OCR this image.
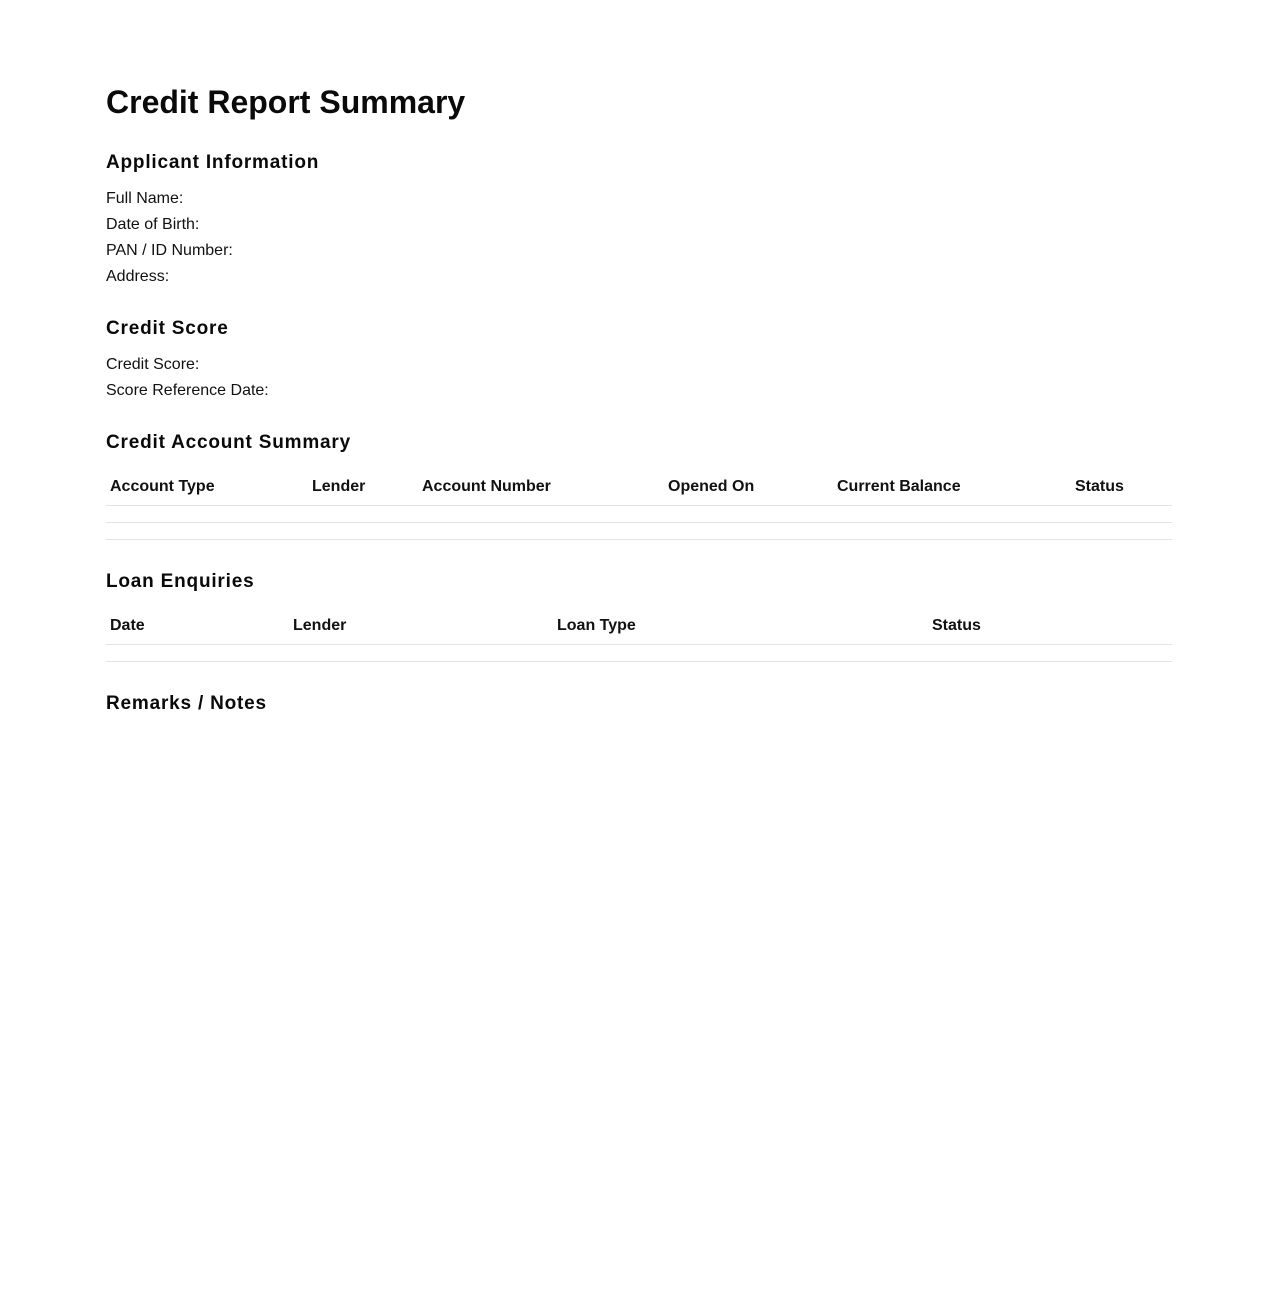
Credit Report Summary
Applicant Information
Full Name:
Date of Birth:
PAN / ID Number:
Address:
Credit Score
Credit Score:
Score Reference Date:
Credit Account Summary
Account Type	Lender	Account Number	Opened On	Current Balance	Status

Loan Enquiries
Date	Lender	Loan Type	Status

Remarks / Notes
